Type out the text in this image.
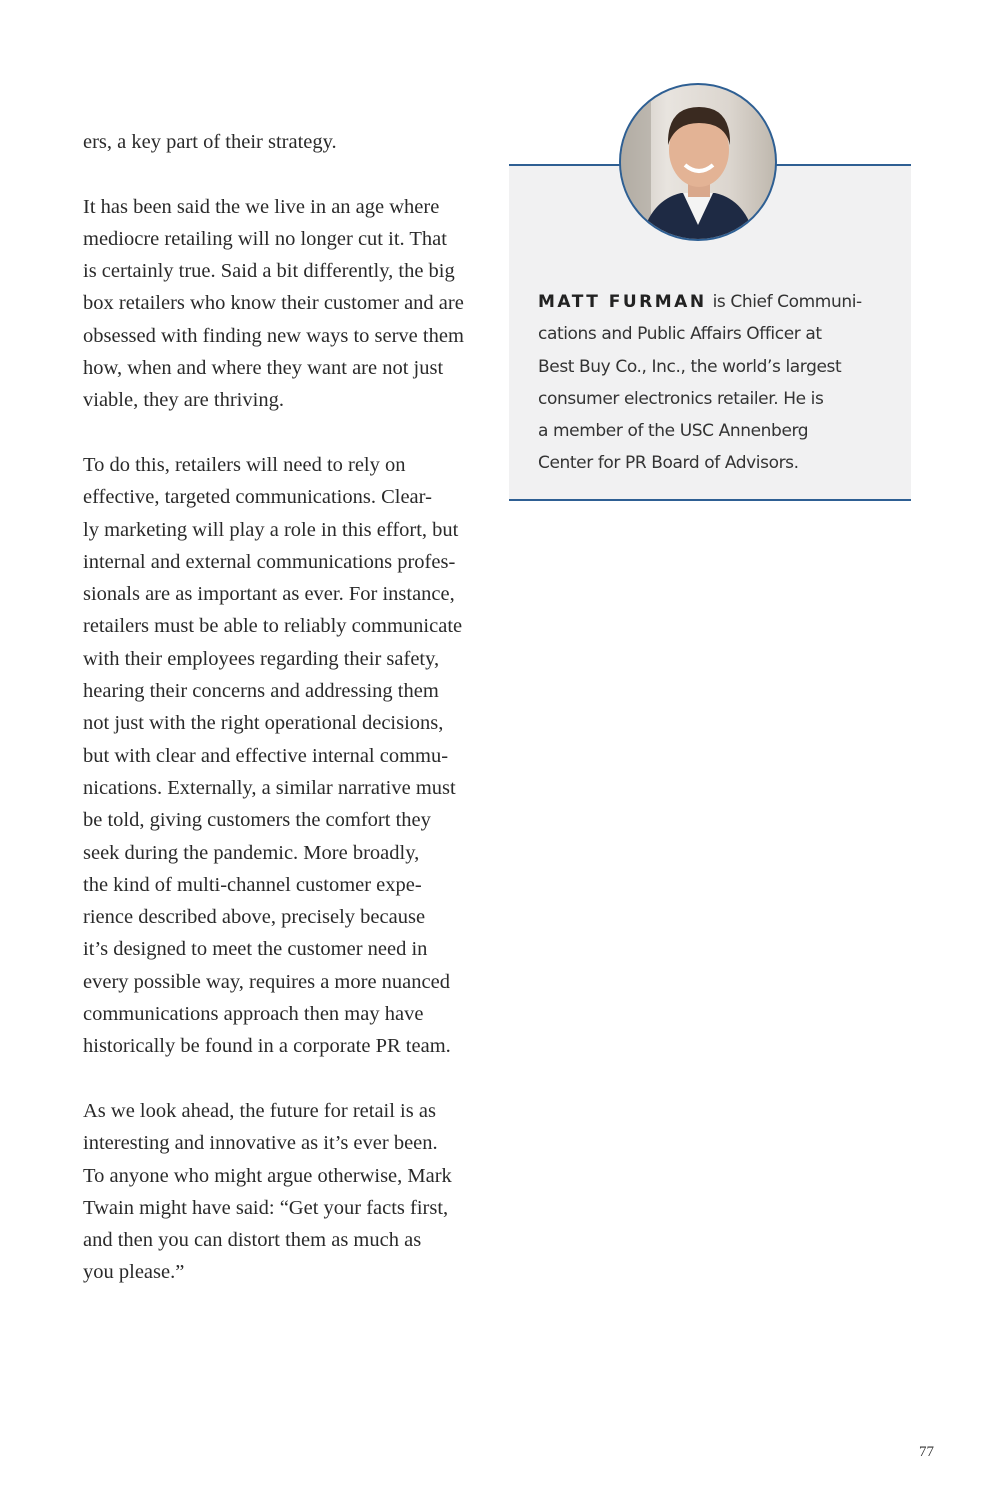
ers, a key part of their strategy.

It has been said the we live in an age where
mediocre retailing will no longer cut it. That
is certainly true. Said a bit differently, the big
box retailers who know their customer and are
obsessed with finding new ways to serve them
how, when and where they want are not just
viable, they are thriving.

To do this, retailers will need to rely on
effective, targeted communications. Clear-
ly marketing will play a role in this effort, but
internal and external communications profes-
sionals are as important as ever. For instance,
retailers must be able to reliably communicate
with their employees regarding their safety,
hearing their concerns and addressing them
not just with the right operational decisions,
but with clear and effective internal commu-
nications. Externally, a similar narrative must
be told, giving customers the comfort they
seek during the pandemic. More broadly,
the kind of multi-channel customer expe-
rience described above, precisely because
it’s designed to meet the customer need in
every possible way, requires a more nuanced
communications approach then may have
historically be found in a corporate PR team.

As we look ahead, the future for retail is as
interesting and innovative as it’s ever been.
To anyone who might argue otherwise, Mark
Twain might have said: “Get your facts first,
and then you can distort them as much as
you please.”

MATT FURMAN is Chief Communi-
cations and Public Affairs Officer at
Best Buy Co., Inc., the world’s largest
consumer electronics retailer. He is
a member of the USC Annenberg
Center for PR Board of Advisors.
77
